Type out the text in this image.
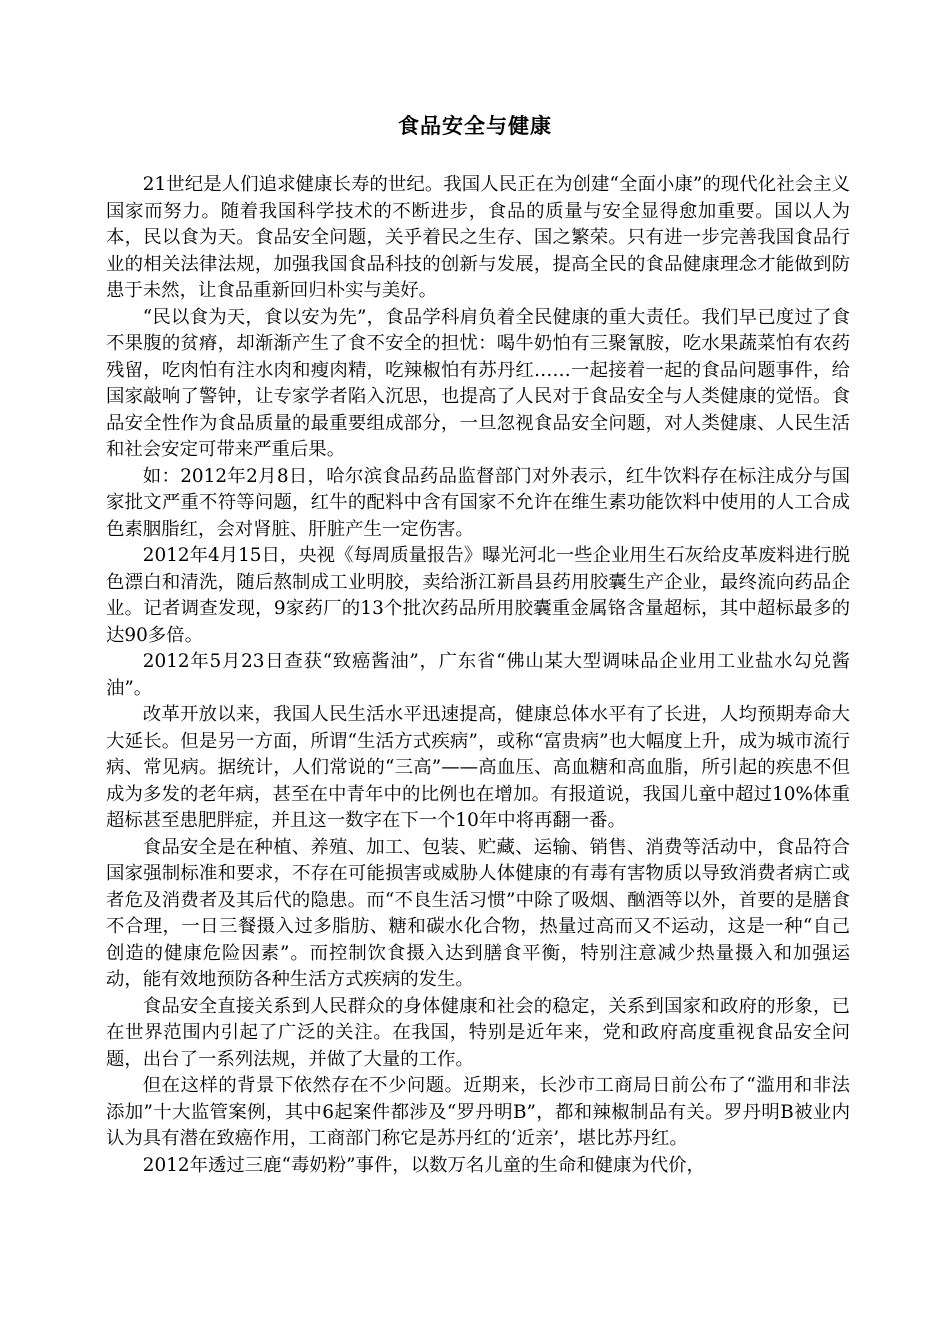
食品安全与健康

21世纪是人们追求健康长寿的世纪。我国人民正在为创建“全面小康”的现代化社会主义国家而努力。随着我国科学技术的不断进步，食品的质量与安全显得愈加重要。国以人为本，民以食为天。食品安全问题，关乎着民之生存、国之繁荣。只有进一步完善我国食品行业的相关法律法规，加强我国食品科技的创新与发展，提高全民的食品健康理念才能做到防患于未然，让食品重新回归朴实与美好。

“民以食为天，食以安为先”，食品学科肩负着全民健康的重大责任。我们早已度过了食不果腹的贫瘠，却渐渐产生了食不安全的担忧：喝牛奶怕有三聚氰胺，吃水果蔬菜怕有农药残留，吃肉怕有注水肉和瘦肉精，吃辣椒怕有苏丹红……一起接着一起的食品问题事件，给国家敲响了警钟，让专家学者陷入沉思，也提高了人民对于食品安全与人类健康的觉悟。食品安全性作为食品质量的最重要组成部分，一旦忽视食品安全问题，对人类健康、人民生活和社会安定可带来严重后果。

如：2012年2月8日，哈尔滨食品药品监督部门对外表示，红牛饮料存在标注成分与国家批文严重不符等问题，红牛的配料中含有国家不允许在维生素功能饮料中使用的人工合成色素胭脂红，会对肾脏、肝脏产生一定伤害。

2012年4月15日，央视《每周质量报告》曝光河北一些企业用生石灰给皮革废料进行脱色漂白和清洗，随后熬制成工业明胶，卖给浙江新昌县药用胶囊生产企业，最终流向药品企业。记者调查发现，9家药厂的13个批次药品所用胶囊重金属铬含量超标，其中超标最多的达90多倍。

2012年5月23日查获“致癌酱油”，广东省“佛山某大型调味品企业用工业盐水勾兑酱油”。

改革开放以来，我国人民生活水平迅速提高，健康总体水平有了长进，人均预期寿命大大延长。但是另一方面，所谓“生活方式疾病”，或称“富贵病”也大幅度上升，成为城市流行病、常见病。据统计，人们常说的“三高”——高血压、高血糖和高血脂，所引起的疾患不但成为多发的老年病，甚至在中青年中的比例也在增加。有报道说，我国儿童中超过10%体重超标甚至患肥胖症，并且这一数字在下一个10年中将再翻一番。

食品安全是在种植、养殖、加工、包装、贮藏、运输、销售、消费等活动中，食品符合国家强制标准和要求，不存在可能损害或威胁人体健康的有毒有害物质以导致消费者病亡或者危及消费者及其后代的隐患。而“不良生活习惯”中除了吸烟、酗酒等以外，首要的是膳食不合理，一日三餐摄入过多脂肪、糖和碳水化合物，热量过高而又不运动，这是一种“自己创造的健康危险因素”。而控制饮食摄入达到膳食平衡，特别注意减少热量摄入和加强运动，能有效地预防各种生活方式疾病的发生。

食品安全直接关系到人民群众的身体健康和社会的稳定，关系到国家和政府的形象，已在世界范围内引起了广泛的关注。在我国，特别是近年来，党和政府高度重视食品安全问题，出台了一系列法规，并做了大量的工作。

但在这样的背景下依然存在不少问题。近期来，长沙市工商局日前公布了“滥用和非法添加”十大监管案例，其中6起案件都涉及“罗丹明B”，都和辣椒制品有关。罗丹明B被业内认为具有潜在致癌作用，工商部门称它是苏丹红的‘近亲’，堪比苏丹红。

2012年透过三鹿“毒奶粉”事件，以数万名儿童的生命和健康为代价，
